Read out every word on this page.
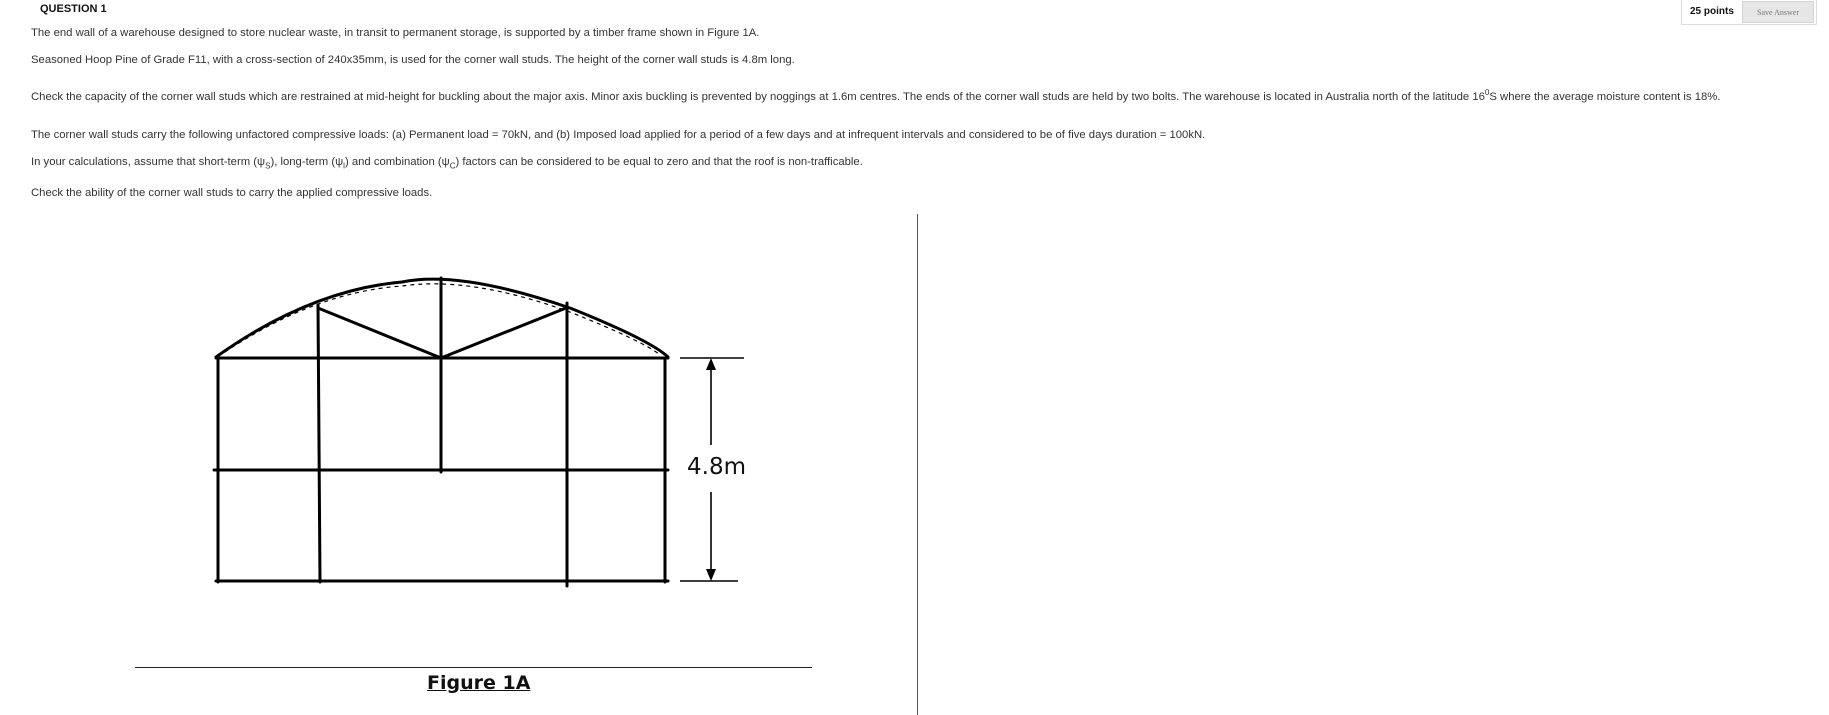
QUESTION 1	25 points	Save Answer
The end wall of a warehouse designed to store nuclear waste, in transit to permanent storage, is supported by a timber frame shown in Figure 1A.
Seasoned Hoop Pine of Grade F11, with a cross-section of 240x35mm, is used for the corner wall studs. The height of the corner wall studs is 4.8m long.
Check the capacity of the corner wall studs which are restrained at mid-height for buckling about the major axis. Minor axis buckling is prevented by noggings at 1.6m centres. The ends of the corner wall studs are held by two bolts. The warehouse is located in Australia north of the latitude $16^0S$ where the average moisture content is 18%.
The corner wall studs carry the following unfactored compressive loads: (a) Permanent load = 70kN, and (b) Imposed load applied for a period of a few days and at infrequent intervals and considered to be of five days duration = 100kN.
In your calculations, assume that short-term $(\psi_S)$, long-term $(\psi_l)$ and combination $(\psi_C)$ factors can be considered to be equal to zero and that the roof is non-trafficable.
Check the ability of the corner wall studs to carry the applied compressive loads.
4.8m
Figure 1A
